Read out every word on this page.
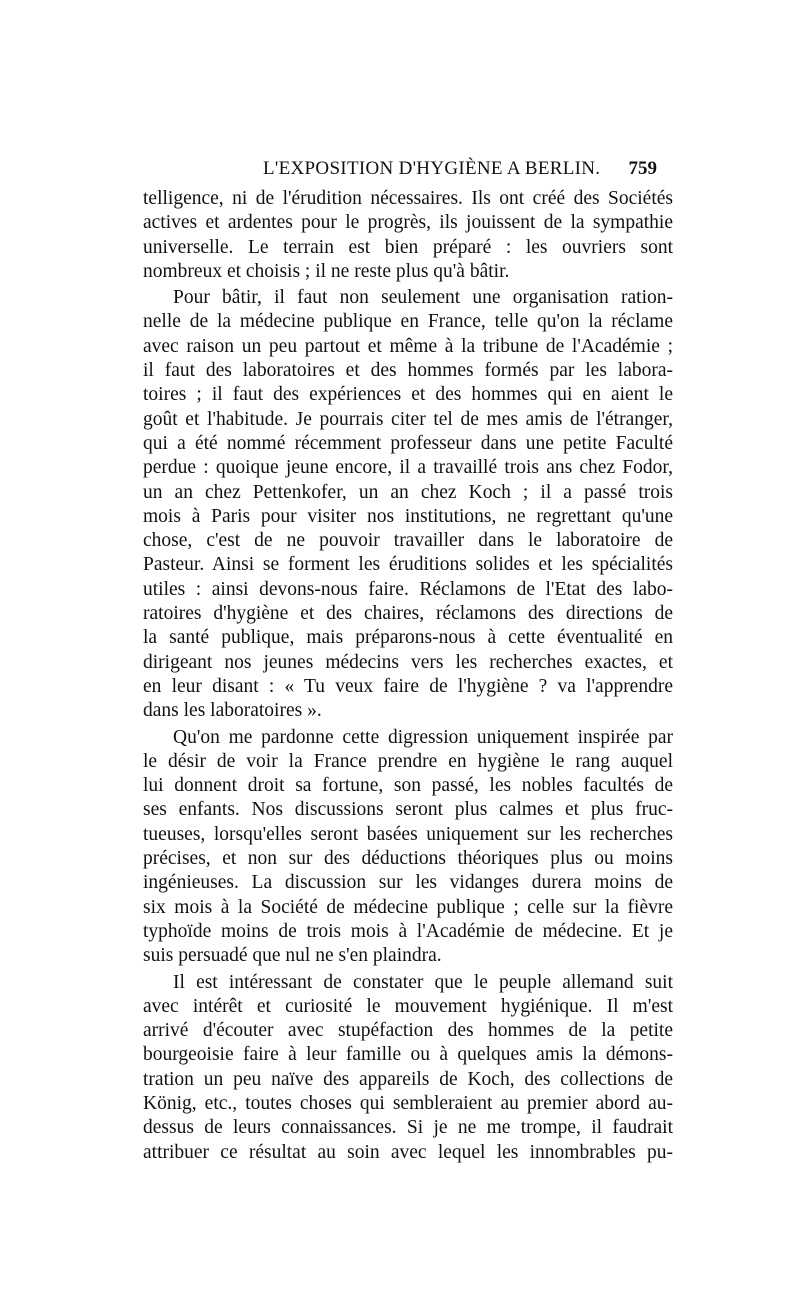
L'EXPOSITION D'HYGIÈNE A BERLIN. 759
telligence, ni de l'érudition nécessaires. Ils ont créé des Sociétés
actives et ardentes pour le progrès, ils jouissent de la sympathie
universelle. Le terrain est bien préparé : les ouvriers sont
nombreux et choisis ; il ne reste plus qu'à bâtir.
Pour bâtir, il faut non seulement une organisation ration-
nelle de la médecine publique en France, telle qu'on la réclame
avec raison un peu partout et même à la tribune de l'Académie ;
il faut des laboratoires et des hommes formés par les labora-
toires ; il faut des expériences et des hommes qui en aient le
goût et l'habitude. Je pourrais citer tel de mes amis de l'étranger,
qui a été nommé récemment professeur dans une petite Faculté
perdue : quoique jeune encore, il a travaillé trois ans chez Fodor,
un an chez Pettenkofer, un an chez Koch ; il a passé trois
mois à Paris pour visiter nos institutions, ne regrettant qu'une
chose, c'est de ne pouvoir travailler dans le laboratoire de
Pasteur. Ainsi se forment les éruditions solides et les spécialités
utiles : ainsi devons-nous faire. Réclamons de l'Etat des labo-
ratoires d'hygiène et des chaires, réclamons des directions de
la santé publique, mais préparons-nous à cette éventualité en
dirigeant nos jeunes médecins vers les recherches exactes, et
en leur disant : « Tu veux faire de l'hygiène ? va l'apprendre
dans les laboratoires ».
Qu'on me pardonne cette digression uniquement inspirée par
le désir de voir la France prendre en hygiène le rang auquel
lui donnent droit sa fortune, son passé, les nobles facultés de
ses enfants. Nos discussions seront plus calmes et plus fruc-
tueuses, lorsqu'elles seront basées uniquement sur les recherches
précises, et non sur des déductions théoriques plus ou moins
ingénieuses. La discussion sur les vidanges durera moins de
six mois à la Société de médecine publique ; celle sur la fièvre
typhoïde moins de trois mois à l'Académie de médecine. Et je
suis persuadé que nul ne s'en plaindra.
Il est intéressant de constater que le peuple allemand suit
avec intérêt et curiosité le mouvement hygiénique. Il m'est
arrivé d'écouter avec stupéfaction des hommes de la petite
bourgeoisie faire à leur famille ou à quelques amis la démons-
tration un peu naïve des appareils de Koch, des collections de
König, etc., toutes choses qui sembleraient au premier abord au-
dessus de leurs connaissances. Si je ne me trompe, il faudrait
attribuer ce résultat au soin avec lequel les innombrables pu-
